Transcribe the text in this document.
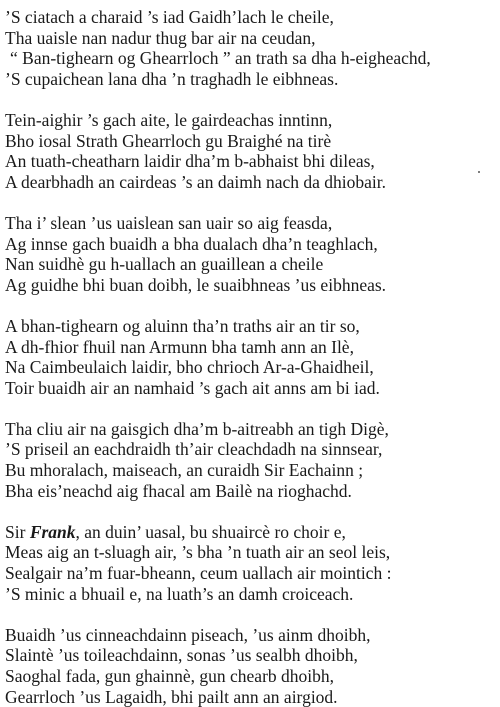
’S ciatach a charaid ’s iad Gaidh’lach le cheile,
Tha uaisle nan nadur thug bar air na ceudan,
“ Ban-tighearn og Ghearrloch ” an trath sa dha h-eigheachd,
’S cupaichean lana dha ’n traghadh le eibhneas.
Tein-aighir ’s gach aite, le gairdeachas inntinn,
Bho iosal Strath Ghearrloch gu Braighé na tirè
An tuath-cheatharn laidir dha’m b-abhaist bhi dileas,
A dearbhadh an cairdeas ’s an daimh nach da dhiobair.
Tha i’ slean ’us uaislean san uair so aig feasda,
Ag innse gach buaidh a bha dualach dha’n teaghlach,
Nan suidhè gu h-uallach an guaillean a cheile
Ag guidhe bhi buan doibh, le suaibhneas ’us eibhneas.
A bhan-tighearn og aluinn tha’n traths air an tir so,
A dh-fhior fhuil nan Armunn bha tamh ann an Ilè,
Na Caimbeulaich laidir, bho chrioch Ar-a-Ghaidheil,
Toir buaidh air an namhaid ’s gach ait anns am bi iad.
Tha cliu air na gaisgich dha’m b-aitreabh an tigh Digè,
’S priseil an eachdraidh th’air cleachdadh na sinnsear,
Bu mhoralach, maiseach, an curaidh Sir Eachainn ;
Bha eis’neachd aig fhacal am Bailè na rioghachd.
Sir Frank, an duin’ uasal, bu shuaircè ro choir e,
Meas aig an t-sluagh air, ’s bha ’n tuath air an seol leis,
Sealgair na’m fuar-bheann, ceum uallach air mointich :
’S minic a bhuail e, na luath’s an damh croiceach.
Buaidh ’us cinneachdainn piseach, ’us ainm dhoibh,
Slaintè ’us toileachdainn, sonas ’us sealbh dhoibh,
Saoghal fada, gun ghainnè, gun chearb dhoibh,
Gearrloch ’us Lagaidh, bhi pailt ann an airgiod.
